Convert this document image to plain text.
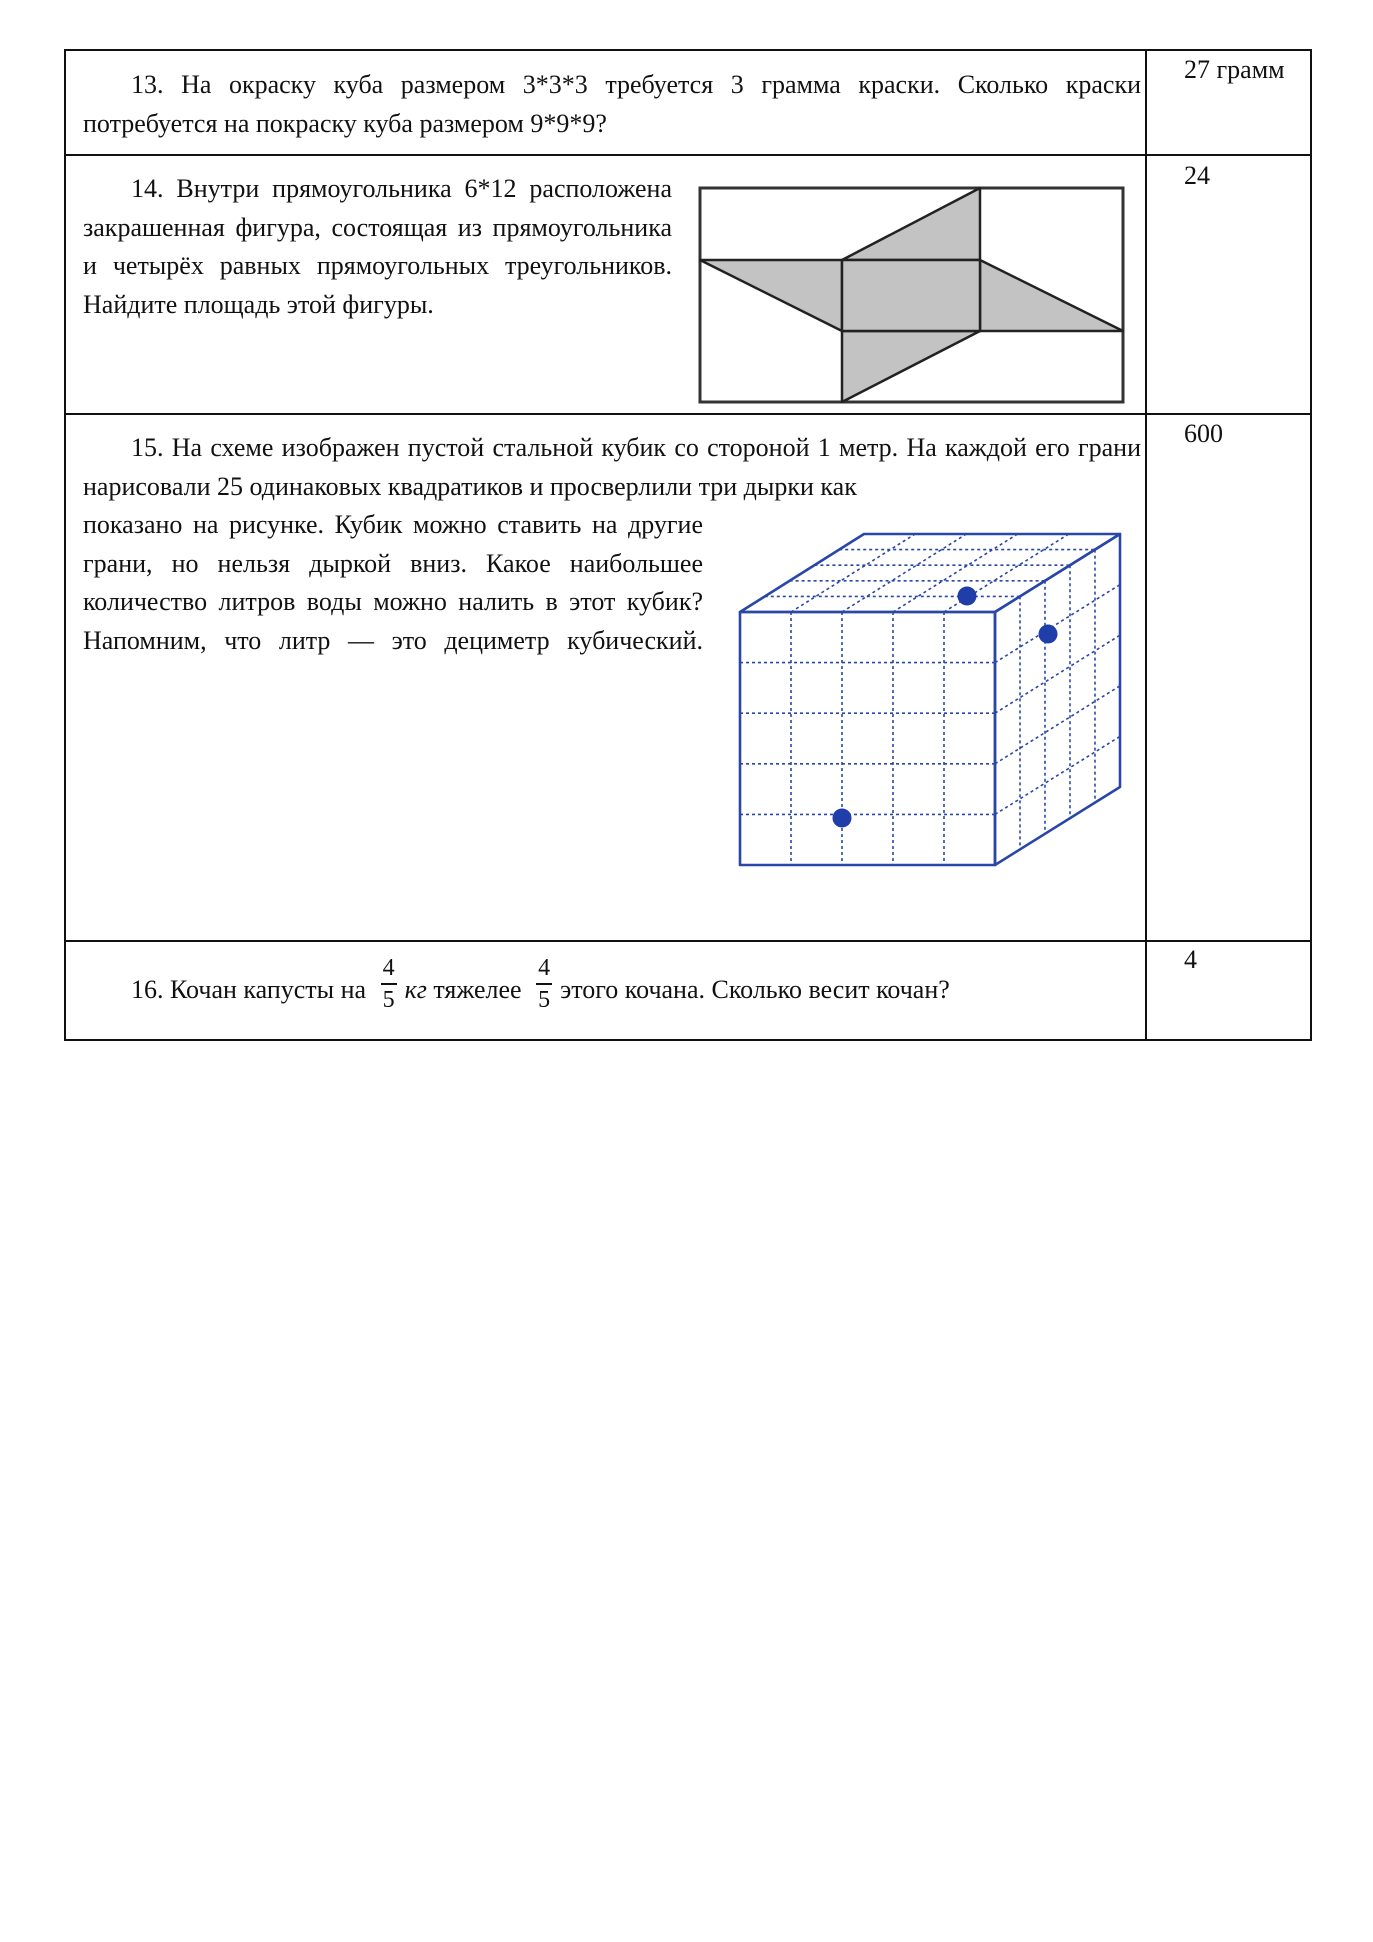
13. На окраску куба размером 3*3*3 требуется 3 грамма краски. Сколько краски потребуется на покраску куба размером 9*9*9?
27 грамм
14. Внутри прямоугольника 6*12 расположена закрашенная фигура, состоящая из прямоугольника и четырёх равных прямоугольных треугольников. Найдите площадь этой фигуры.
24
15. На схеме изображен пустой стальной кубик со стороной 1 метр. На каждой его грани нарисовали 25 одинаковых квадратиков и просверлили три дырки как
показано на рисунке. Кубик можно ставить на другие грани, но нельзя дыркой вниз. Какое наибольшее количество литров воды можно налить в этот кубик? Напомним, что литр — это дециметр кубический.
600
16. Кочан капусты на $\frac{4}{5}$ кг тяжелее $\frac{4}{5}$ этого кочана. Сколько весит кочан?
4
